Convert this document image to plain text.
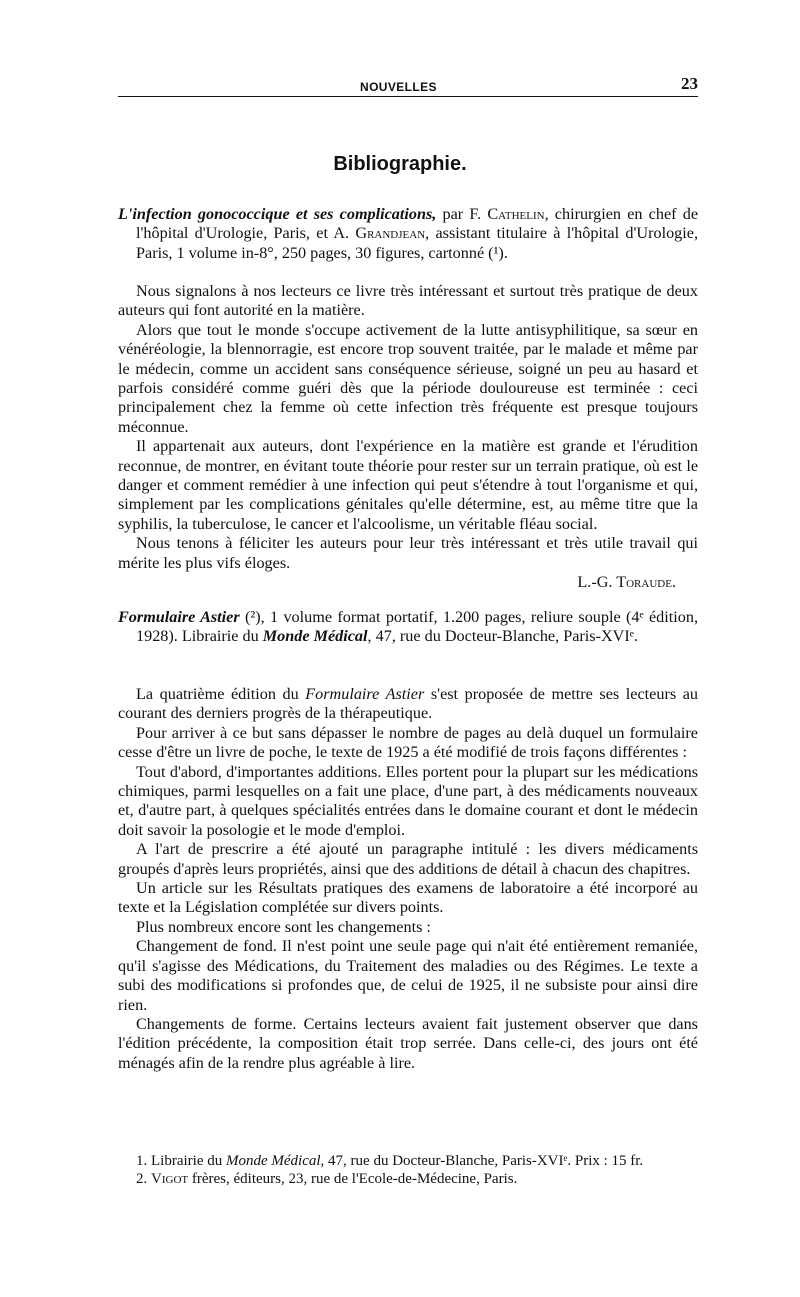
NOUVELLES	23
Bibliographie.

L'infection gonococcique et ses complications, par F. Cathelin, chirurgien en chef de l'hôpital d'Urologie, Paris, et A. Grandjean, assistant titulaire à l'hôpital d'Urologie, Paris, 1 volume in-8°, 250 pages, 30 figures, cartonné (¹).

Nous signalons à nos lecteurs ce livre très intéressant et surtout très pratique de deux auteurs qui font autorité en la matière.

Alors que tout le monde s'occupe activement de la lutte antisyphilitique, sa sœur en vénéréologie, la blennorragie, est encore trop souvent traitée, par le malade et même par le médecin, comme un accident sans conséquence sérieuse, soigné un peu au hasard et parfois considéré comme guéri dès que la période douloureuse est terminée : ceci principalement chez la femme où cette infection très fréquente est presque toujours méconnue.

Il appartenait aux auteurs, dont l'expérience en la matière est grande et l'érudition reconnue, de montrer, en évitant toute théorie pour rester sur un terrain pratique, où est le danger et comment remédier à une infection qui peut s'étendre à tout l'organisme et qui, simplement par les complications génitales qu'elle détermine, est, au même titre que la syphilis, la tuberculose, le cancer et l'alcoolisme, un véritable fléau social.

Nous tenons à féliciter les auteurs pour leur très intéressant et très utile travail qui mérite les plus vifs éloges.

L.-G. Toraude.

Formulaire Astier (²), 1 volume format portatif, 1.200 pages, reliure souple (4ᵉ édition, 1928). Librairie du Monde Médical, 47, rue du Docteur-Blanche, Paris-XVIᵉ.

La quatrième édition du Formulaire Astier s'est proposée de mettre ses lecteurs au courant des derniers progrès de la thérapeutique.

Pour arriver à ce but sans dépasser le nombre de pages au delà duquel un formulaire cesse d'être un livre de poche, le texte de 1925 a été modifié de trois façons différentes :

Tout d'abord, d'importantes additions. Elles portent pour la plupart sur les médications chimiques, parmi lesquelles on a fait une place, d'une part, à des médicaments nouveaux et, d'autre part, à quelques spécialités entrées dans le domaine courant et dont le médecin doit savoir la posologie et le mode d'emploi.

A l'art de prescrire a été ajouté un paragraphe intitulé : les divers médicaments groupés d'après leurs propriétés, ainsi que des additions de détail à chacun des chapitres.

Un article sur les Résultats pratiques des examens de laboratoire a été incorporé au texte et la Législation complétée sur divers points.

Plus nombreux encore sont les changements :

Changement de fond. Il n'est point une seule page qui n'ait été entièrement remaniée, qu'il s'agisse des Médications, du Traitement des maladies ou des Régimes. Le texte a subi des modifications si profondes que, de celui de 1925, il ne subsiste pour ainsi dire rien.

Changements de forme. Certains lecteurs avaient fait justement observer que dans l'édition précédente, la composition était trop serrée. Dans celle-ci, des jours ont été ménagés afin de la rendre plus agréable à lire.

1. Librairie du Monde Médical, 47, rue du Docteur-Blanche, Paris-XVIᵉ. Prix : 15 fr.

2. Vigot frères, éditeurs, 23, rue de l'Ecole-de-Médecine, Paris.
